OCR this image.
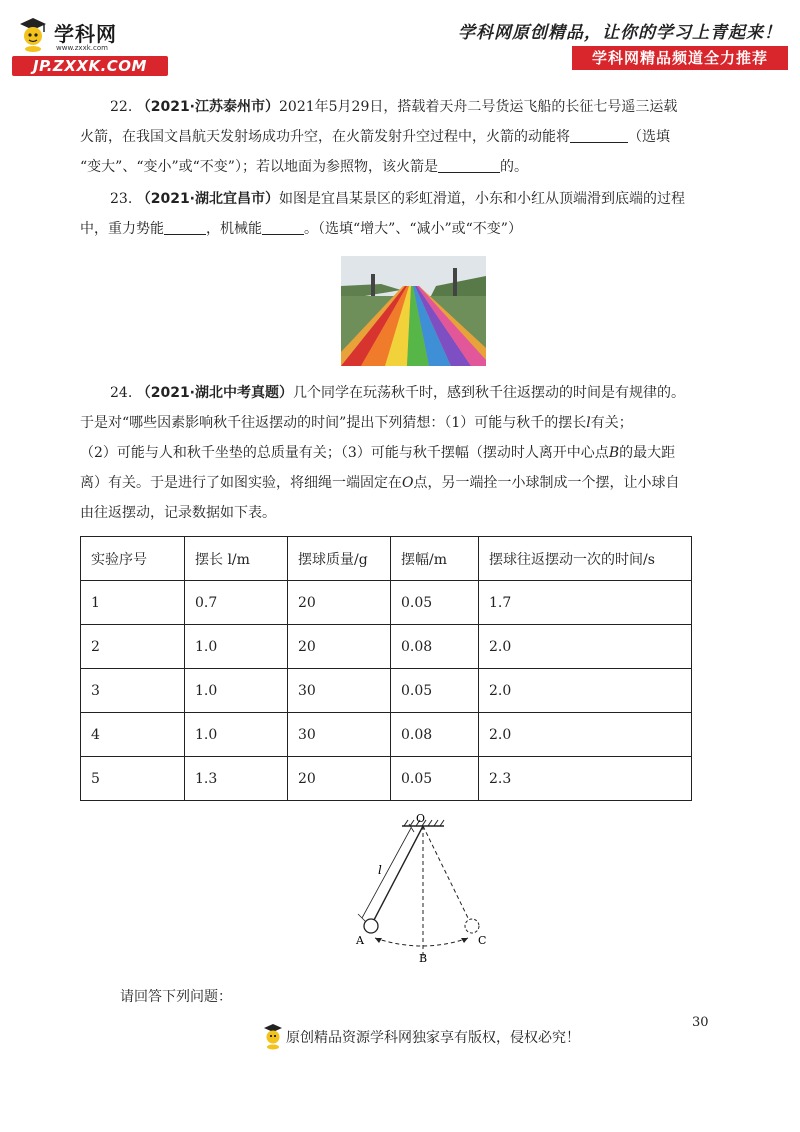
学科网
www.zxxk.com
JP.ZXXK.COM
学科网原创精品，让你的学习上青起来！
学科网精品频道全力推荐
22. （2021·江苏泰州市）2021年5月29日，搭载着天舟二号货运飞船的长征七号遥三运载
火箭，在我国文昌航天发射场成功升空，在火箭发射升空过程中，火箭的动能将	（选填
“变大”、“变小”或“不变”）；若以地面为参照物，该火箭是	的。
23. （2021·湖北宜昌市）如图是宜昌某景区的彩虹滑道，小东和小红从顶端滑到底端的过程
中，重力势能	，机械能	。（选填“增大”、“减小”或“不变”）
24. （2021·湖北中考真题）几个同学在玩荡秋千时，感到秋千往返摆动的时间是有规律的。
于是对“哪些因素影响秋千往返摆动的时间”提出下列猜想：（1）可能与秋千的摆长l有关；
（2）可能与人和秋千坐垫的总质量有关；（3）可能与秋千摆幅（摆动时人离开中心点B的最大距
离）有关。于是进行了如图实验，将细绳一端固定在O点，另一端拴一小球制成一个摆，让小球自
由往返摆动，记录数据如下表。
实验序号	摆长 l/m	摆球质量/g	摆幅/m	摆球往返摆动一次的时间/s
1	0.7	20	0.05	1.7
2	1.0	20	0.08	2.0
3	1.0	30	0.05	2.0
4	1.0	30	0.08	2.0
5	1.3	20	0.05	2.3
O
l
A
B
C
请回答下列问题：
30
原创精品资源学科网独家享有版权，侵权必究！
